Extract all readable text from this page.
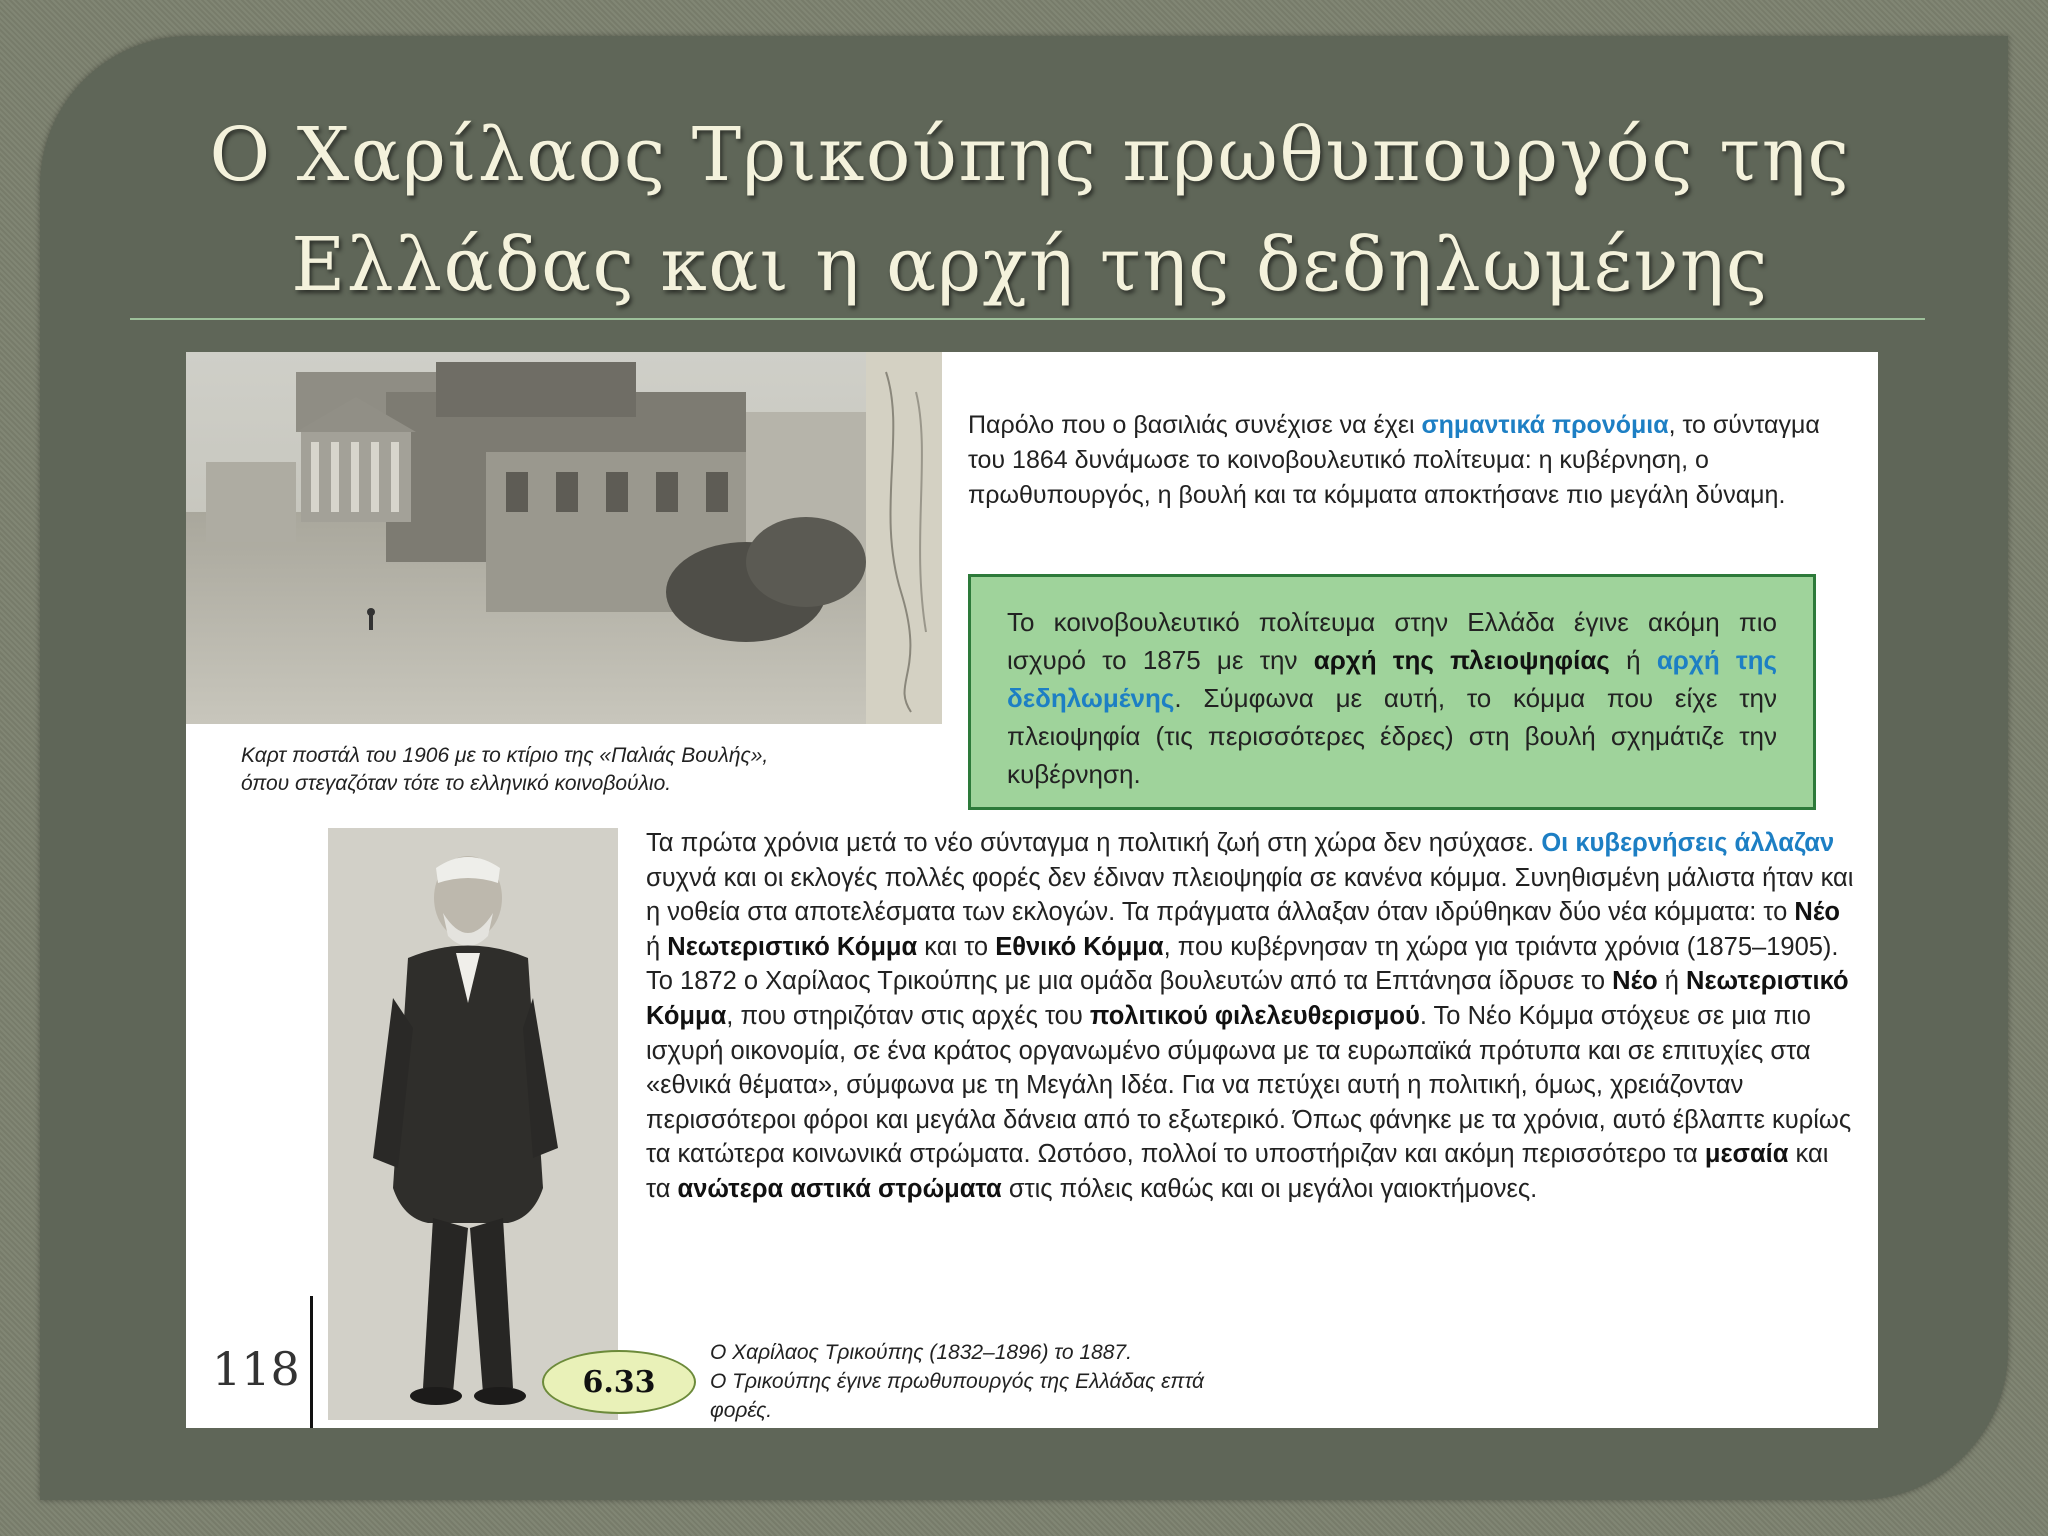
Ο Χαρίλαος Τρικούπης πρωθυπουργός της
Ελλάδας και η αρχή της δεδηλωμένης
Καρτ ποστάλ του 1906 με το κτίριο της «Παλιάς Βουλής»,
όπου στεγαζόταν τότε το ελληνικό κοινοβούλιο.
Παρόλο που ο βασιλιάς συνέχισε να έχει σημαντικά προνόμια, το σύνταγμα του 1864 δυνάμωσε το κοινοβουλευτικό πολίτευμα: η κυβέρνηση, ο πρωθυπουργός, η βουλή και τα κόμματα αποκτήσανε πιο μεγάλη δύναμη.
Το κοινοβουλευτικό πολίτευμα στην Ελλάδα έγινε ακόμη πιο ισχυρό το 1875 με την αρχή της πλειοψηφίας ή αρχή της δεδηλωμένης. Σύμφωνα με αυτή, το κόμμα που είχε την πλειοψηφία (τις περισσότερες έδρες) στη βουλή σχημάτιζε την κυβέρνηση.
Τα πρώτα χρόνια μετά το νέο σύνταγμα η πολιτική ζωή στη χώρα δεν ησύχασε. Οι κυβερνήσεις άλλαζαν συχνά και οι εκλογές πολλές φορές δεν έδιναν πλειοψηφία σε κανένα κόμμα. Συνηθισμένη μάλιστα ήταν και η νοθεία στα αποτελέσματα των εκλογών. Τα πράγματα άλλαξαν όταν ιδρύθηκαν δύο νέα κόμματα: το Νέο ή Νεωτεριστικό Κόμμα και το Εθνικό Κόμμα, που κυβέρνησαν τη χώρα για τριάντα χρόνια (1875–1905).
Το 1872 ο Χαρίλαος Τρικούπης με μια ομάδα βουλευτών από τα Επτάνησα ίδρυσε το Νέο ή Νεωτεριστικό Κόμμα, που στηριζόταν στις αρχές του πολιτικού φιλελευθερισμού. Το Νέο Κόμμα στόχευε σε μια πιο ισχυρή οικονομία, σε ένα κράτος οργανωμένο σύμφωνα με τα ευρωπαϊκά πρότυπα και σε επιτυχίες στα «εθνικά θέματα», σύμφωνα με τη Μεγάλη Ιδέα. Για να πετύχει αυτή η πολιτική, όμως, χρειάζονταν περισσότεροι φόροι και μεγάλα δάνεια από το εξωτερικό. Όπως φάνηκε με τα χρόνια, αυτό έβλαπτε κυρίως τα κατώτερα κοινωνικά στρώματα. Ωστόσο, πολλοί το υποστήριζαν και ακόμη περισσότερο τα μεσαία και τα ανώτερα αστικά στρώματα στις πόλεις καθώς και οι μεγάλοι γαιοκτήμονες.
118	6.33
Ο Χαρίλαος Τρικούπης (1832–1896) το 1887.
Ο Τρικούπης έγινε πρωθυπουργός της Ελλάδας επτά
φορές.
